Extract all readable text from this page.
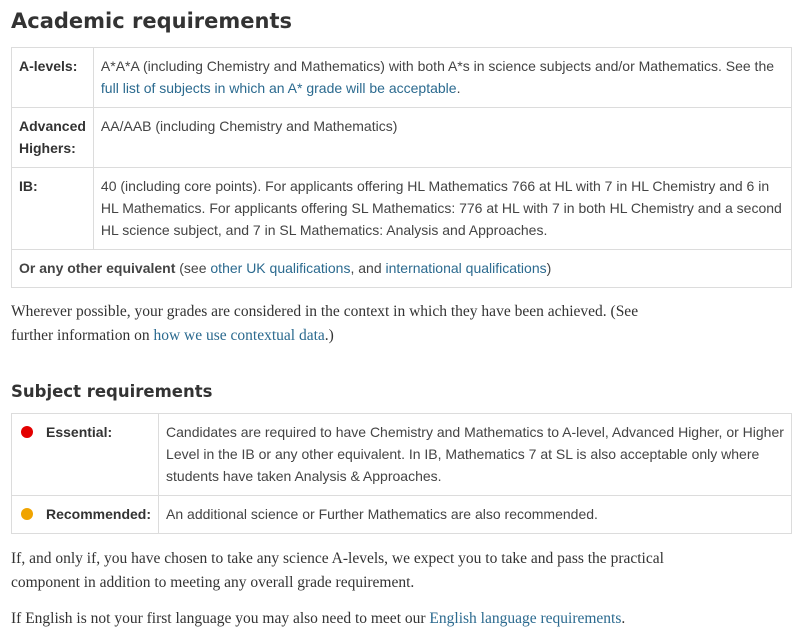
Academic requirements
A-levels:	A*A*A (including Chemistry and Mathematics) with both A*s in science subjects and/or Mathematics. See the full list of subjects in which an A* grade will be acceptable.
Advanced Highers:	AA/AAB (including Chemistry and Mathematics)
IB:	40 (including core points). For applicants offering HL Mathematics 766 at HL with 7 in HL Chemistry and 6 in HL Mathematics. For applicants offering SL Mathematics: 776 at HL with 7 in both HL Chemistry and a second HL science subject, and 7 in SL Mathematics: Analysis and Approaches.
Or any other equivalent (see other UK qualifications, and international qualifications)	

Wherever possible, your grades are considered in the context in which they have been achieved. (See further information on how we use contextual data.)

Subject requirements
Essential:	Candidates are required to have Chemistry and Mathematics to A-level, Advanced Higher, or Higher Level in the IB or any other equivalent. In IB, Mathematics 7 at SL is also acceptable only where students have taken Analysis & Approaches.
Recommended:	An additional science or Further Mathematics are also recommended.

If, and only if, you have chosen to take any science A-levels, we expect you to take and pass the practical component in addition to meeting any overall grade requirement.

If English is not your first language you may also need to meet our English language requirements.
